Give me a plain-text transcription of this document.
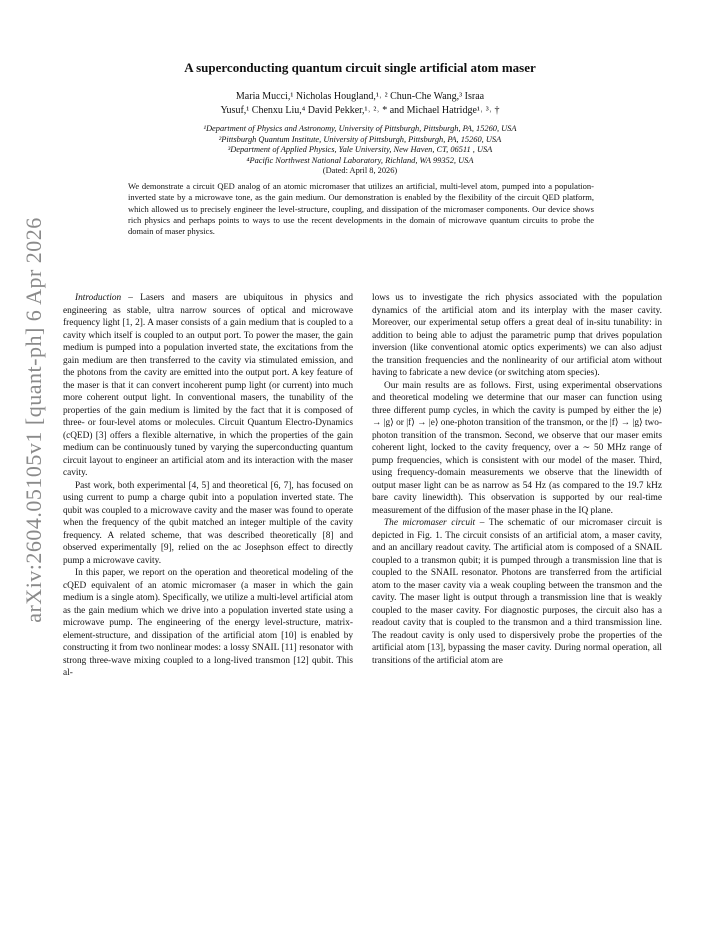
arXiv:2604.05105v1 [quant-ph] 6 Apr 2026
A superconducting quantum circuit single artificial atom maser
Maria Mucci,¹ Nicholas Hougland,¹˒ ² Chun-Che Wang,³ Israa
Yusuf,¹ Chenxu Liu,⁴ David Pekker,¹˒ ²˒ * and Michael Hatridge¹˒ ³˒ †
¹Department of Physics and Astronomy, University of Pittsburgh, Pittsburgh, PA, 15260, USA
²Pittsburgh Quantum Institute, University of Pittsburgh, Pittsburgh, PA, 15260, USA
³Department of Applied Physics, Yale University, New Haven, CT, 06511 , USA
⁴Pacific Northwest National Laboratory, Richland, WA 99352, USA
(Dated: April 8, 2026)
We demonstrate a circuit QED analog of an atomic micromaser that utilizes an artificial, multi-level atom, pumped into a population-inverted state by a microwave tone, as the gain medium. Our demonstration is enabled by the flexibility of the circuit QED platform, which allowed us to precisely engineer the level-structure, coupling, and dissipation of the micromaser components. Our device shows rich physics and perhaps points to ways to use the recent developments in the domain of microwave quantum circuits to probe the domain of maser physics.

Introduction – Lasers and masers are ubiquitous in physics and engineering as stable, ultra narrow sources of optical and microwave frequency light [1, 2]. A maser consists of a gain medium that is coupled to a cavity which itself is coupled to an output port. To power the maser, the gain medium is pumped into a population inverted state, the excitations from the gain medium are then transferred to the cavity via stimulated emission, and the photons from the cavity are emitted into the output port. A key feature of the maser is that it can convert incoherent pump light (or current) into much more coherent output light. In conventional masers, the tunability of the properties of the gain medium is limited by the fact that it is composed of three- or four-level atoms or molecules. Circuit Quantum Electro-Dynamics (cQED) [3] offers a flexible alternative, in which the properties of the gain medium can be continuously tuned by varying the superconducting quantum circuit layout to engineer an artificial atom and its interaction with the maser cavity.

Past work, both experimental [4, 5] and theoretical [6, 7], has focused on using current to pump a charge qubit into a population inverted state. The qubit was coupled to a microwave cavity and the maser was found to operate when the frequency of the qubit matched an integer multiple of the cavity frequency. A related scheme, that was described theoretically [8] and observed experimentally [9], relied on the ac Josephson effect to directly pump a microwave cavity.

In this paper, we report on the operation and theoretical modeling of the cQED equivalent of an atomic micromaser (a maser in which the gain medium is a single atom). Specifically, we utilize a multi-level artificial atom as the gain medium which we drive into a population inverted state using a microwave pump. The engineering of the energy level-structure, matrix-element-structure, and dissipation of the artificial atom [10] is enabled by constructing it from two nonlinear modes: a lossy SNAIL [11] resonator with strong three-wave mixing coupled to a long-lived transmon [12] qubit. This al-

lows us to investigate the rich physics associated with the population dynamics of the artificial atom and its interplay with the maser cavity. Moreover, our experimental setup offers a great deal of in-situ tunability: in addition to being able to adjust the parametric pump that drives population inversion (like conventional atomic optics experiments) we can also adjust the transition frequencies and the nonlinearity of our artificial atom without having to fabricate a new device (or switching atom species).

Our main results are as follows. First, using experimental observations and theoretical modeling we determine that our maser can function using three different pump cycles, in which the cavity is pumped by either the |e⟩ → |g⟩ or |f⟩ → |e⟩ one-photon transition of the transmon, or the |f⟩ → |g⟩ two-photon transition of the transmon. Second, we observe that our maser emits coherent light, locked to the cavity frequency, over a ∼ 50 MHz range of pump frequencies, which is consistent with our model of the maser. Third, using frequency-domain measurements we observe that the linewidth of output maser light can be as narrow as 54 Hz (as compared to the 19.7 kHz bare cavity linewidth). This observation is supported by our real-time measurement of the diffusion of the maser phase in the IQ plane.

The micromaser circuit – The schematic of our micromaser circuit is depicted in Fig. 1. The circuit consists of an artificial atom, a maser cavity, and an ancillary readout cavity. The artificial atom is composed of a SNAIL coupled to a transmon qubit; it is pumped through a transmission line that is coupled to the SNAIL resonator. Photons are transferred from the artificial atom to the maser cavity via a weak coupling between the transmon and the cavity. The maser light is output through a transmission line that is weakly coupled to the maser cavity. For diagnostic purposes, the circuit also has a readout cavity that is coupled to the transmon and a third transmission line. The readout cavity is only used to dispersively probe the properties of the artificial atom [13], bypassing the maser cavity. During normal operation, all transitions of the artificial atom are
